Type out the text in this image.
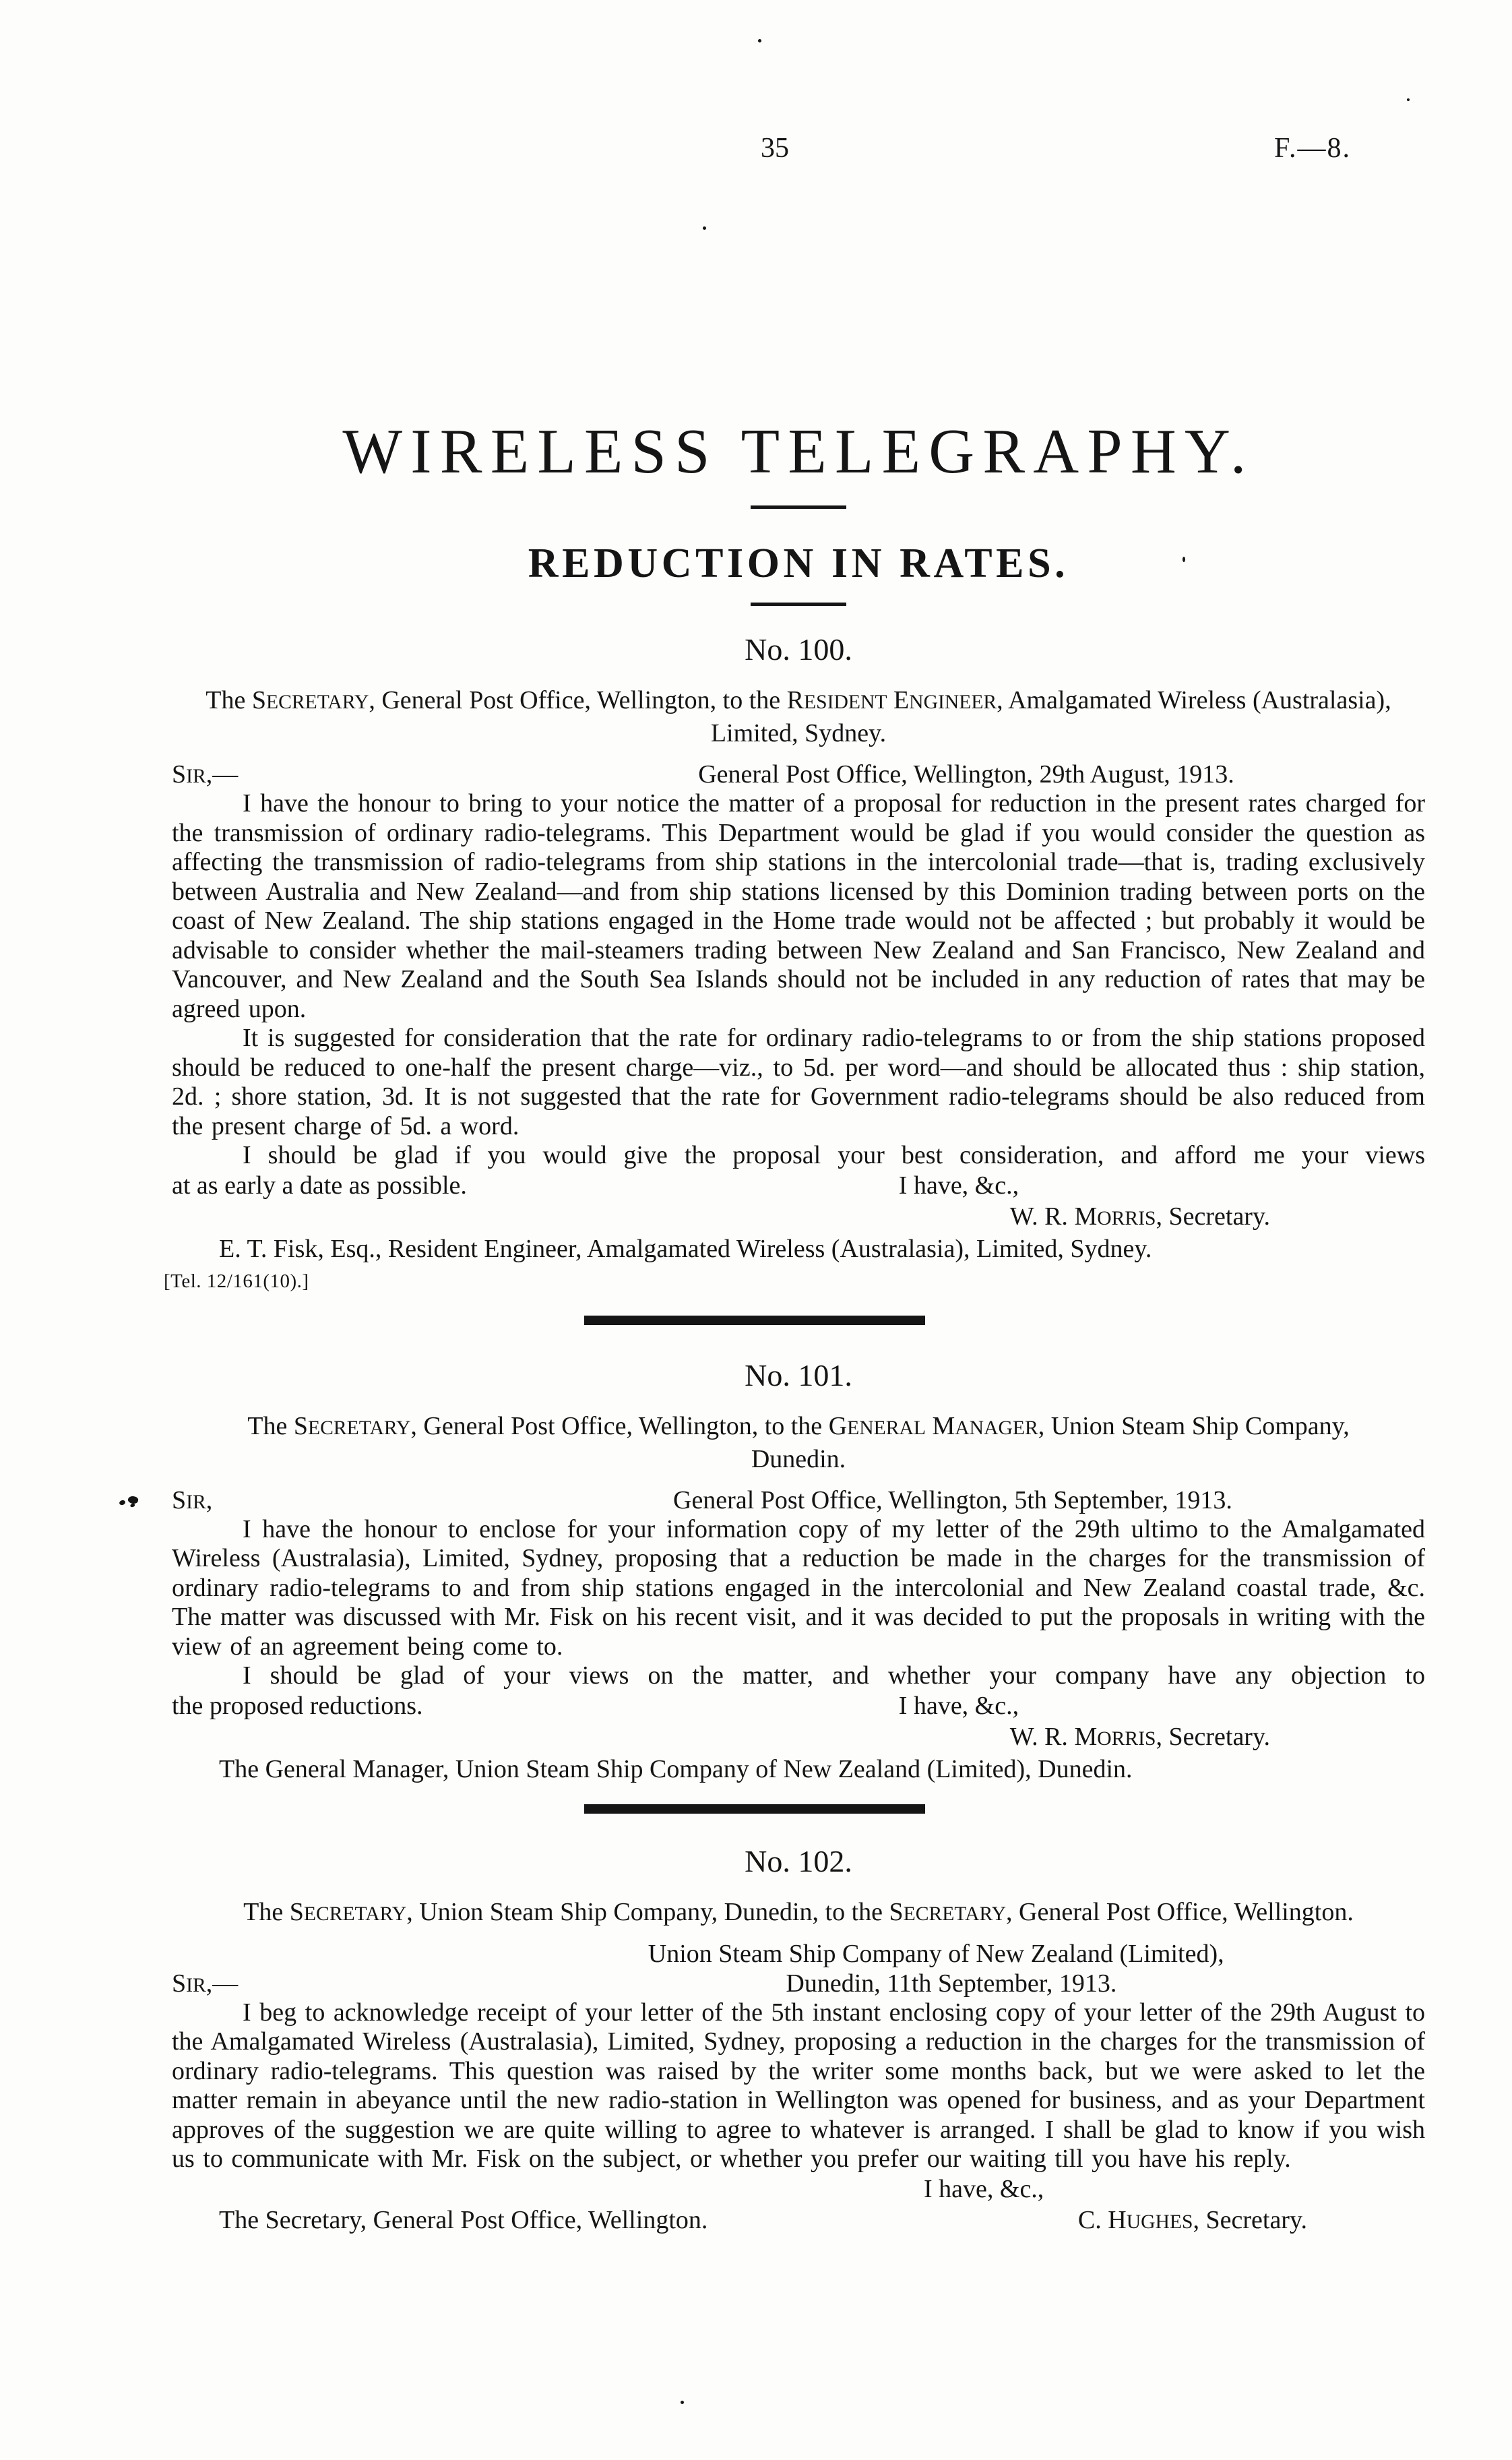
35	F.—8.
WIRELESS TELEGRAPHY.
REDUCTION IN RATES.
No. 100.

The SECRETARY, General Post Office, Wellington, to the RESIDENT ENGINEER, Amalgamated Wireless (Australasia), Limited, Sydney.

SIR,—	General Post Office, Wellington, 29th August, 1913.

I have the honour to bring to your notice the matter of a proposal for reduction in the present rates charged for the transmission of ordinary radio-telegrams. This Department would be glad if you would consider the question as affecting the transmission of radio-telegrams from ship stations in the intercolonial trade—that is, trading exclusively between Australia and New Zealand—and from ship stations licensed by this Dominion trading between ports on the coast of New Zealand. The ship stations engaged in the Home trade would not be affected ; but probably it would be advisable to consider whether the mail-steamers trading between New Zealand and San Francisco, New Zealand and Vancouver, and New Zealand and the South Sea Islands should not be included in any reduction of rates that may be agreed upon.

It is suggested for consideration that the rate for ordinary radio-telegrams to or from the ship stations proposed should be reduced to one-half the present charge—viz., to 5d. per word—and should be allocated thus : ship station, 2d. ; shore station, 3d. It is not suggested that the rate for Government radio-telegrams should be also reduced from the present charge of 5d. a word.

I should be glad if you would give the proposal your best consideration, and afford me your views

at as early a date as possible.	I have, &c.,
W. R. MORRIS, Secretary.

E. T. Fisk, Esq., Resident Engineer, Amalgamated Wireless (Australasia), Limited, Sydney.

[Tel. 12/161(10).]

No. 101.

The SECRETARY, General Post Office, Wellington, to the GENERAL MANAGER, Union Steam Ship Company, Dunedin.

SIR,	General Post Office, Wellington, 5th September, 1913.

I have the honour to enclose for your information copy of my letter of the 29th ultimo to the Amalgamated Wireless (Australasia), Limited, Sydney, proposing that a reduction be made in the charges for the transmission of ordinary radio-telegrams to and from ship stations engaged in the intercolonial and New Zealand coastal trade, &c. The matter was discussed with Mr. Fisk on his recent visit, and it was decided to put the proposals in writing with the view of an agreement being come to.

I should be glad of your views on the matter, and whether your company have any objection to

the proposed reductions.	I have, &c.,
W. R. MORRIS, Secretary.

The General Manager, Union Steam Ship Company of New Zealand (Limited), Dunedin.

No. 102.

The SECRETARY, Union Steam Ship Company, Dunedin, to the SECRETARY, General Post Office, Wellington.

Union Steam Ship Company of New Zealand (Limited),
SIR,—	Dunedin, 11th September, 1913.

I beg to acknowledge receipt of your letter of the 5th instant enclosing copy of your letter of the 29th August to the Amalgamated Wireless (Australasia), Limited, Sydney, proposing a reduction in the charges for the transmission of ordinary radio-telegrams. This question was raised by the writer some months back, but we were asked to let the matter remain in abeyance until the new radio-station in Wellington was opened for business, and as your Department approves of the suggestion we are quite willing to agree to whatever is arranged. I shall be glad to know if you wish us to communicate with Mr. Fisk on the subject, or whether you prefer our waiting till you have his reply.

I have, &c.,
The Secretary, General Post Office, Wellington.	C. HUGHES, Secretary.
